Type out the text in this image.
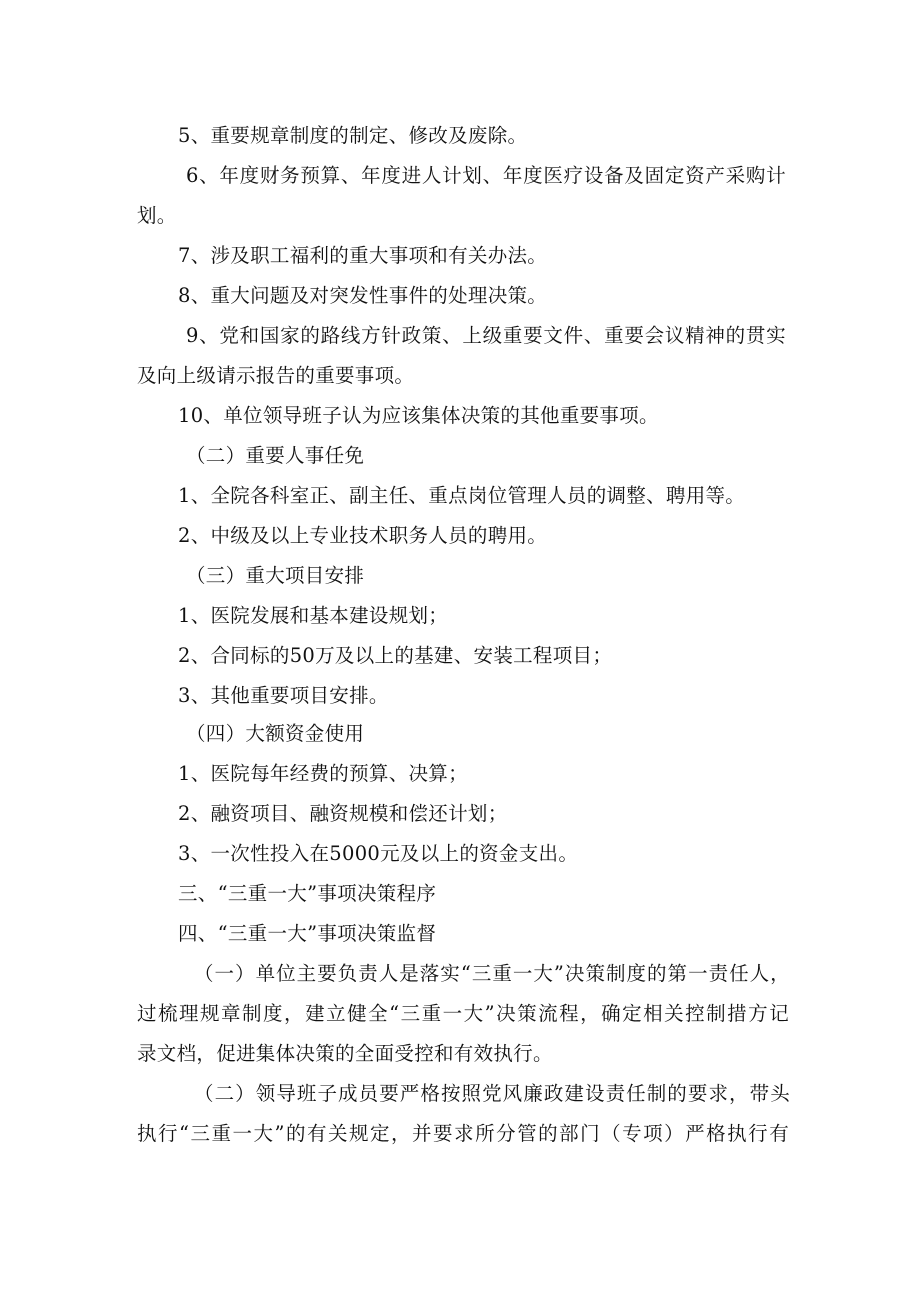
5、重要规章制度的制定、修改及废除。
6、年度财务预算、年度进人计划、年度医疗设备及固定资产采购计
划。
7、涉及职工福利的重大事项和有关办法。
8、重大问题及对突发性事件的处理决策。
9、党和国家的路线方针政策、上级重要文件、重要会议精神的贯实
及向上级请示报告的重要事项。
10、单位领导班子认为应该集体决策的其他重要事项。
（二）重要人事任免
1、全院各科室正、副主任、重点岗位管理人员的调整、聘用等。
2、中级及以上专业技术职务人员的聘用。
（三）重大项目安排
1、医院发展和基本建设规划；
2、合同标的50万及以上的基建、安装工程项目；
3、其他重要项目安排。
（四）大额资金使用
1、医院每年经费的预算、决算；
2、融资项目、融资规模和偿还计划；
3、一次性投入在5000元及以上的资金支出。
三、“三重一大”事项决策程序
四、“三重一大”事项决策监督
（一）单位主要负责人是落实“三重一大”决策制度的第一责任人，
过梳理规章制度，建立健全“三重一大”决策流程，确定相关控制措方记
录文档，促进集体决策的全面受控和有效执行。
（二）领导班子成员要严格按照党风廉政建设责任制的要求，带头
执行“三重一大”的有关规定，并要求所分管的部门（专项）严格执行有
